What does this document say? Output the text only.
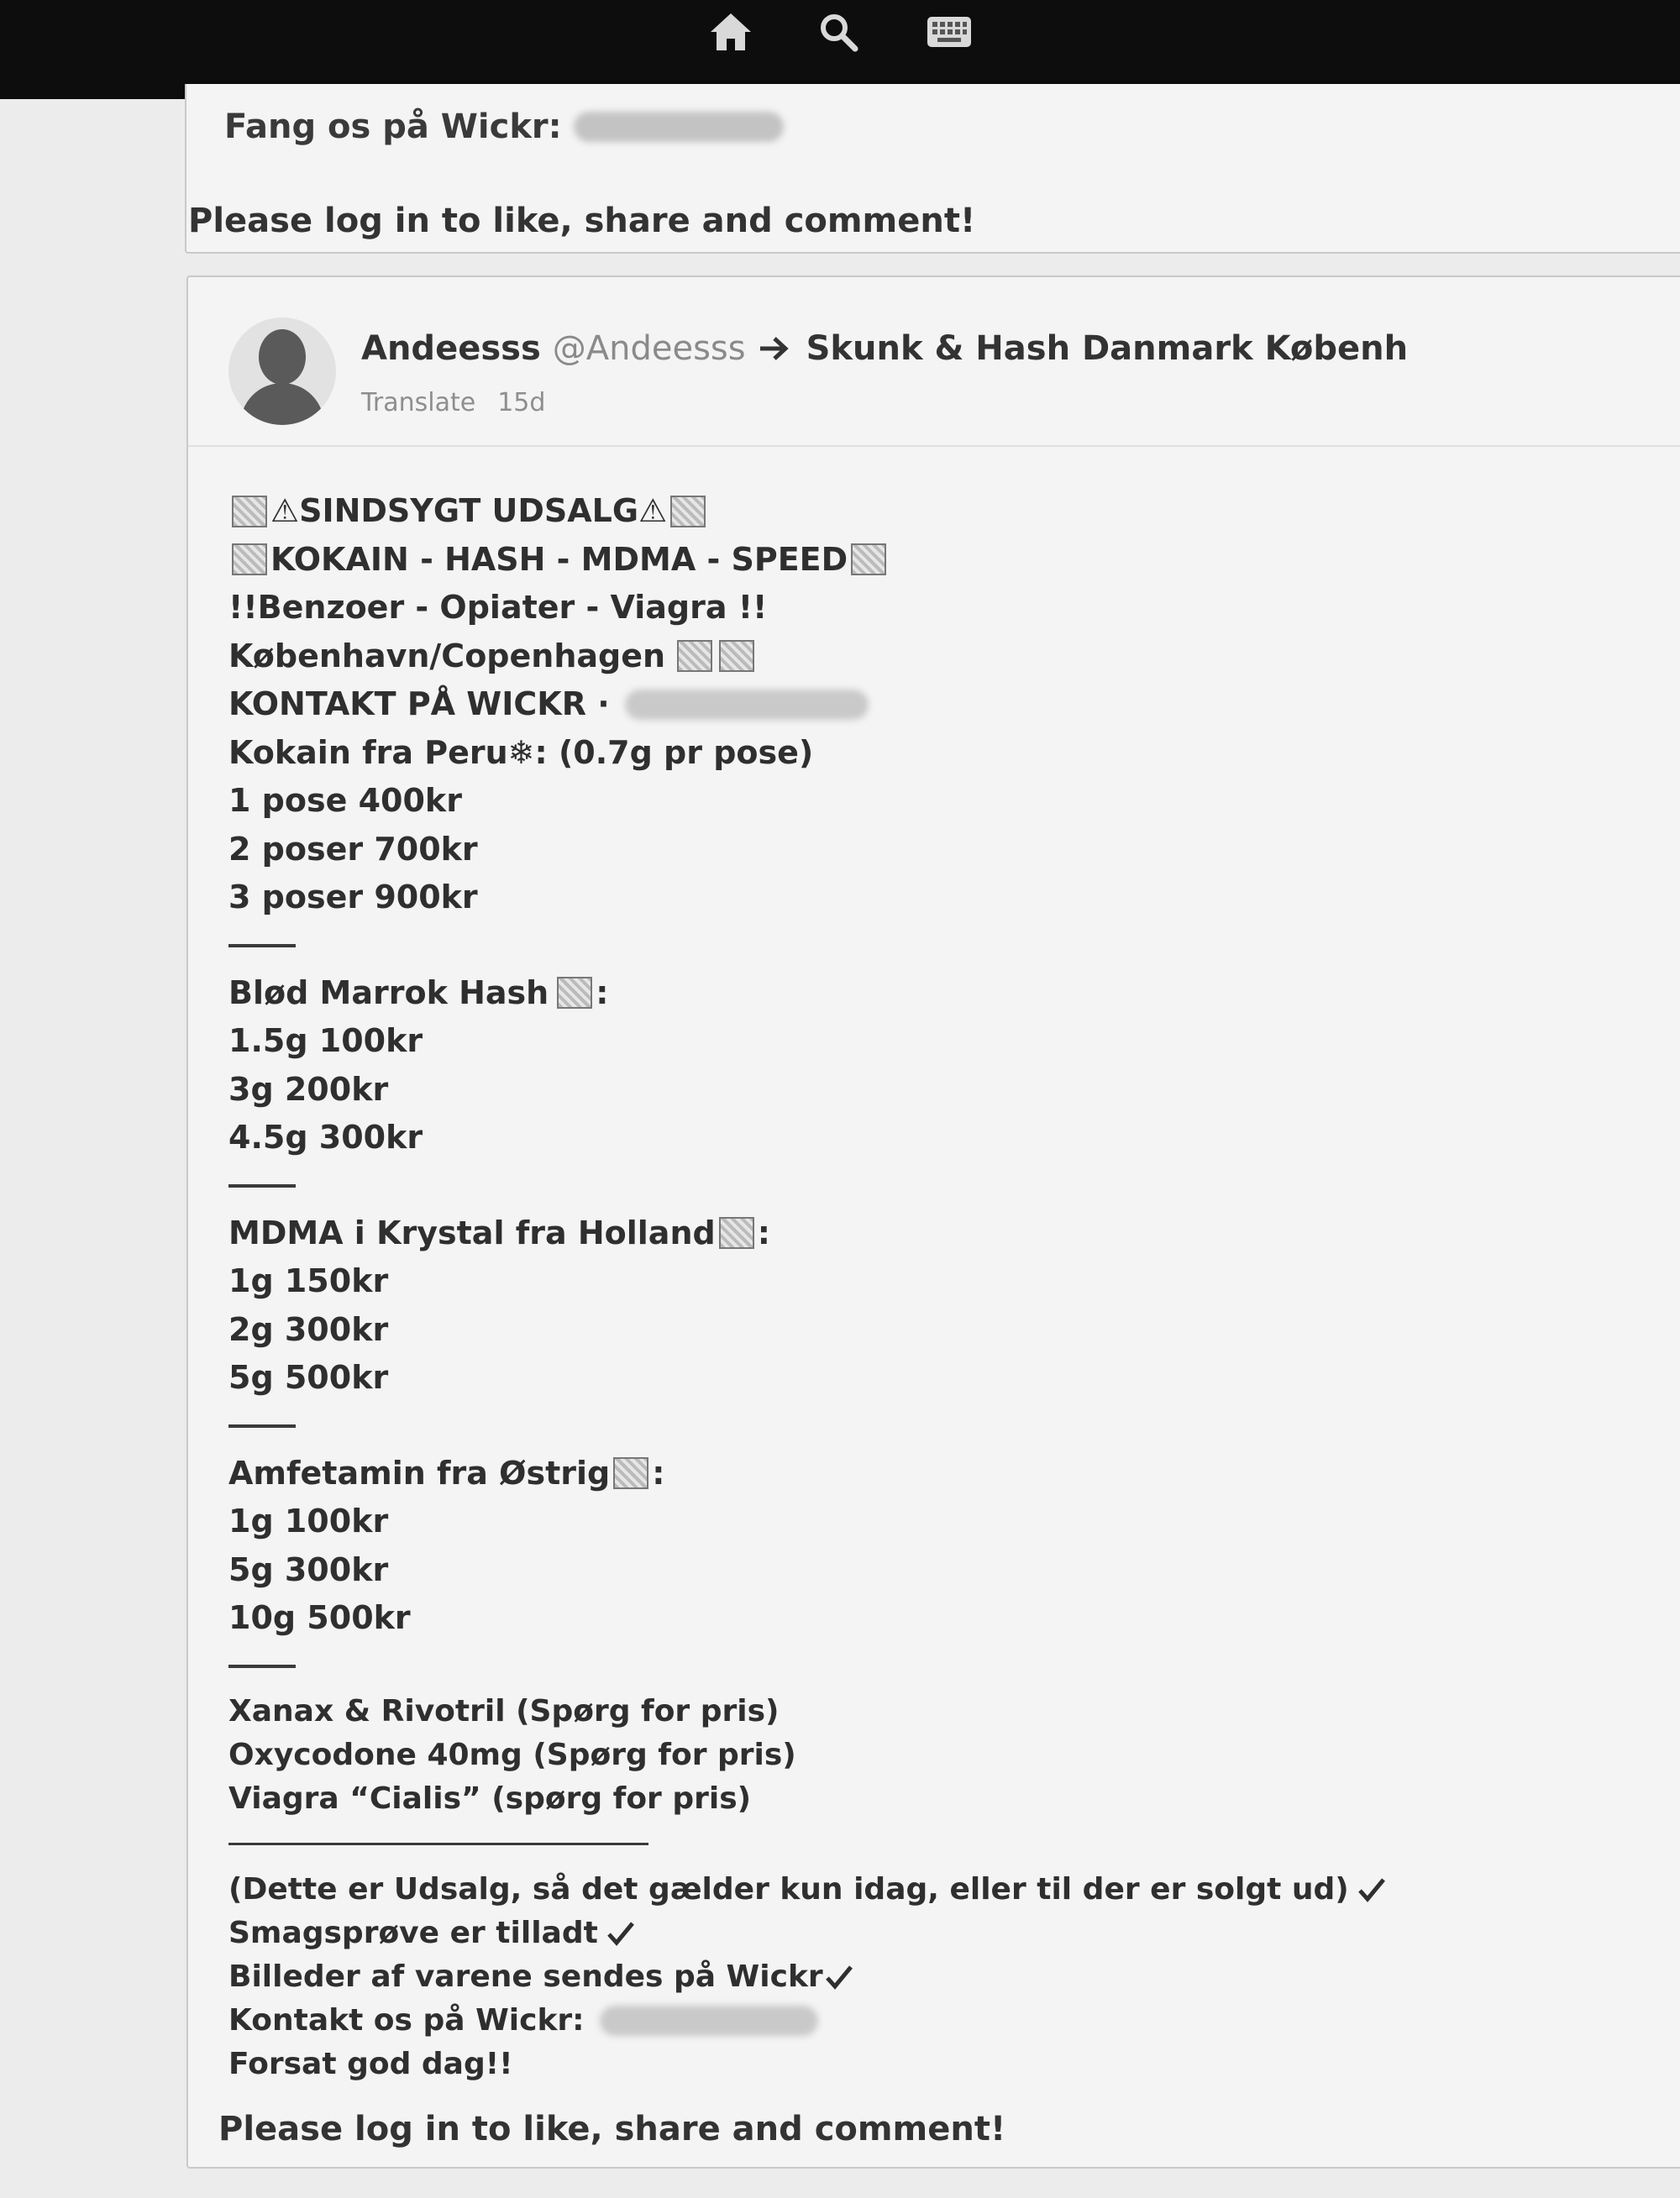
Fang os på Wickr:
Please log in to like, share and comment!
Andeesss @Andeesss Skunk & Hash Danmark Københ
Translate 15d
⚠ SINDSYGT UDSALG ⚠
KOKAIN - HASH - MDMA - SPEED
!!Benzoer - Opiater - Viagra !!
København/Copenhagen
KONTAKT PÅ WICKR ·
Kokain fra Peru ❄ : (0.7g pr pose)
1 pose 400kr
2 poser 700kr
3 poser 900kr
Blød Marrok Hash :
1.5g 100kr
3g 200kr
4.5g 300kr
MDMA i Krystal fra Holland :
1g 150kr
2g 300kr
5g 500kr
Amfetamin fra Østrig :
1g 100kr
5g 300kr
10g 500kr
Xanax & Rivotril (Spørg for pris)
Oxycodone 40mg (Spørg for pris)
Viagra “Cialis” (spørg for pris)
(Dette er Udsalg, så det gælder kun idag, eller til der er solgt ud)
Smagsprøve er tilladt
Billeder af varene sendes på Wickr
Kontakt os på Wickr:
Forsat god dag!!
Please log in to like, share and comment!
